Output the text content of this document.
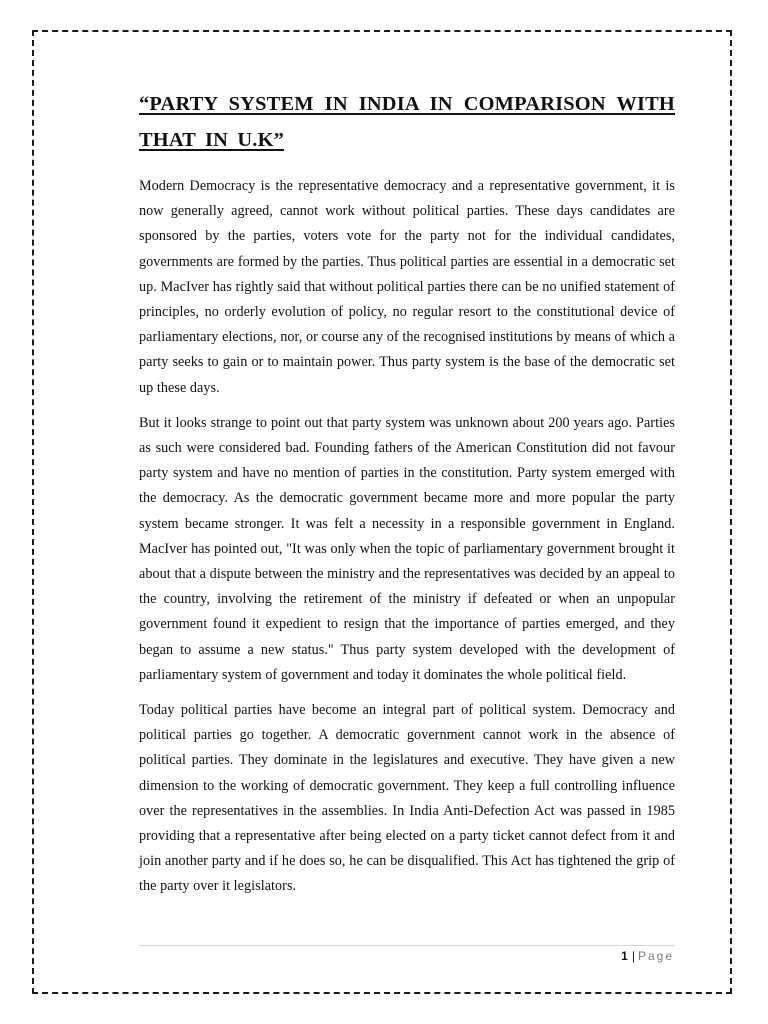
“PARTY SYSTEM IN INDIA IN COMPARISON WITH THAT IN U.K”

Modern Democracy is the representative democracy and a representative government, it is now generally agreed, cannot work without political parties. These days candidates are sponsored by the parties, voters vote for the party not for the individual candidates, governments are formed by the parties. Thus political parties are essential in a democratic set up. MacIver has rightly said that without political parties there can be no unified statement of principles, no orderly evolution of policy, no regular resort to the constitutional device of parliamentary elections, nor, or course any of the recognised institutions by means of which a party seeks to gain or to maintain power. Thus party system is the base of the democratic set up these days.

But it looks strange to point out that party system was unknown about 200 years ago. Parties as such were considered bad. Founding fathers of the American Constitution did not favour party system and have no mention of parties in the constitution. Party system emerged with the democracy. As the democratic government became more and more popular the party system became stronger. It was felt a necessity in a responsible government in England. MacIver has pointed out, "It was only when the topic of parliamentary government brought it about that a dispute between the ministry and the representatives was decided by an appeal to the country, involving the retirement of the ministry if defeated or when an unpopular government found it expedient to resign that the importance of parties emerged, and they began to assume a new status." Thus party system developed with the development of parliamentary system of government and today it dominates the whole political field.

Today political parties have become an integral part of political system. Democracy and political parties go together. A democratic government cannot work in the absence of political parties. They dominate in the legislatures and executive. They have given a new dimension to the working of democratic government. They keep a full controlling influence over the representatives in the assemblies. In India Anti-Defection Act was passed in 1985 providing that a representative after being elected on a party ticket cannot defect from it and join another party and if he does so, he can be disqualified. This Act has tightened the grip of the party over it legislators.

1 | Page
